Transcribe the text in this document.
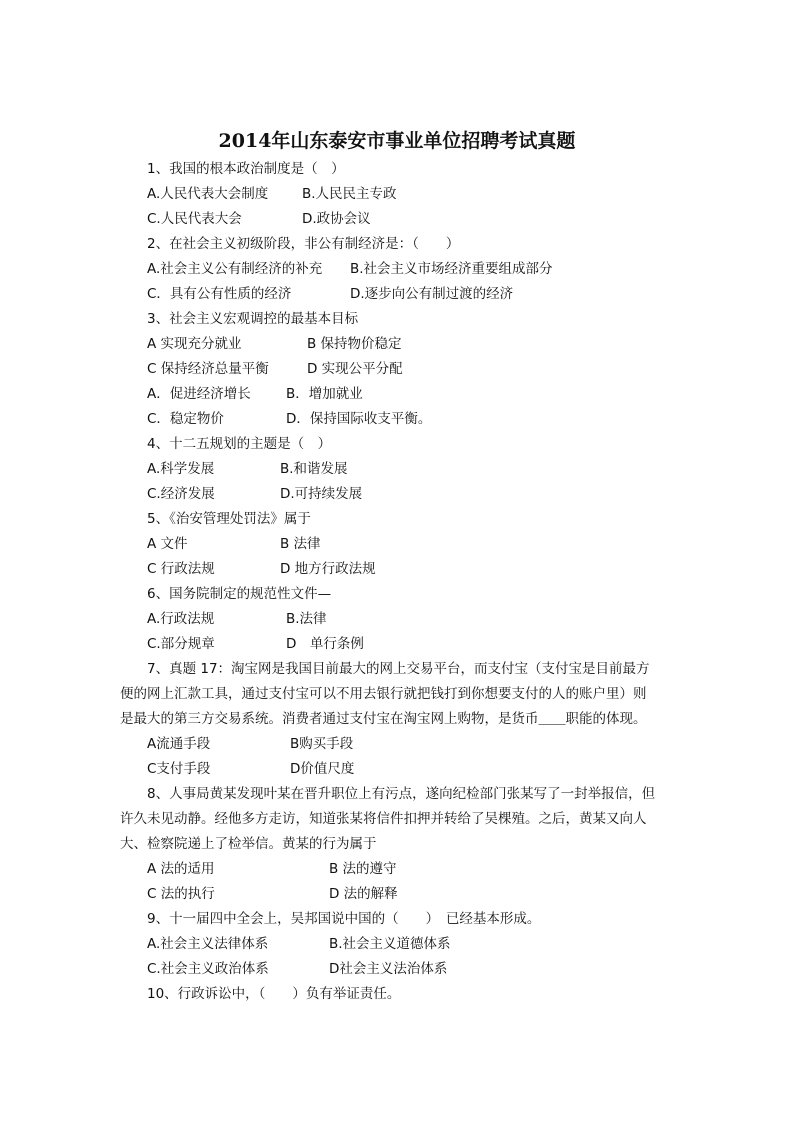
2014年山东泰安市事业单位招聘考试真题
1、我国的根本政治制度是（　）
A.人民代表大会制度 B.人民民主专政
C.人民代表大会	D.政协会议
2、在社会主义初级阶段，非公有制经济是：（　　）
A.社会主义公有制经济的补充 B.社会主义市场经济重要组成部分
C．具有公有性质的经济	D.逐步向公有制过渡的经济
3、社会主义宏观调控的最基本目标
A 实现充分就业	B 保持物价稳定
C 保持经济总量平衡	D 实现公平分配
A．促进经济增长	B．增加就业
C．稳定物价	D．保持国际收支平衡。
4、十二五规划的主题是（　）
A.科学发展	B.和谐发展
C.经济发展	D.可持续发展
5、《治安管理处罚法》属于
A 文件	B 法律
C 行政法规	D 地方行政法规
6、国务院制定的规范性文件—
A.行政法规	B.法律
C.部分规章	D　单行条例
7、真题 17：淘宝网是我国目前最大的网上交易平台，而支付宝（支付宝是目前最方
便的网上汇款工具，通过支付宝可以不用去银行就把钱打到你想要支付的人的账户里）则
是最大的第三方交易系统。消费者通过支付宝在淘宝网上购物，是货币＿＿职能的体现。
A流通手段	B购买手段
C支付手段	D价值尺度
8、人事局黄某发现叶某在晋升职位上有污点，遂向纪检部门张某写了一封举报信，但
许久未见动静。经他多方走访，知道张某将信件扣押并转给了吴棵殖。之后，黄某又向人
大、检察院递上了检举信。黄某的行为属于
A 法的适用	B 法的遵守
C 法的执行	D 法的解释
9、十一届四中全会上，吴邦国说中国的（　　）　已经基本形成。
A.社会主义法律体系	B.社会主义道德体系
C.社会主义政治体系	D社会主义法治体系
10、行政诉讼中，（　　）负有举证责任。
